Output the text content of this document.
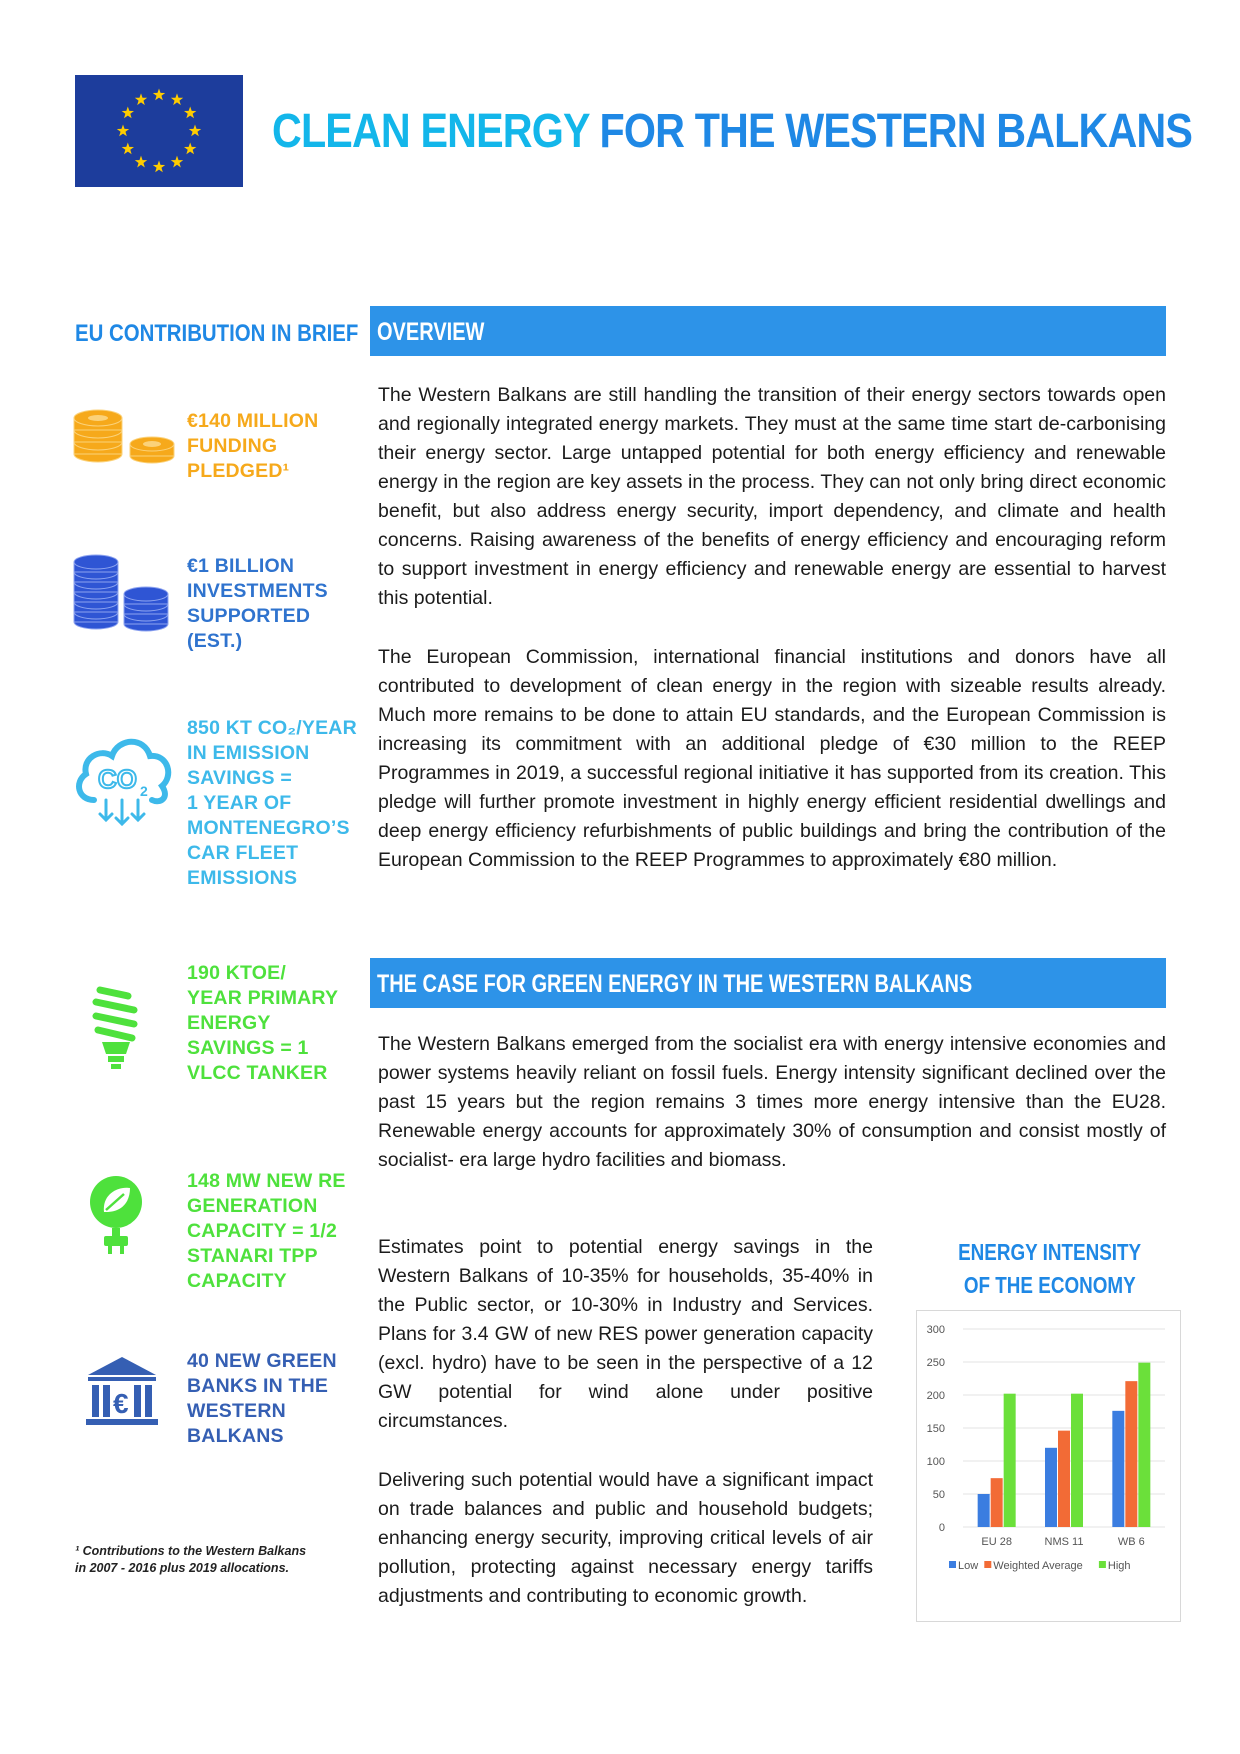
CLEAN ENERGY FOR THE WESTERN BALKANS
EU CONTRIBUTION IN BRIEF

€140 MILLION
FUNDING
PLEDGED¹

€1 BILLION
INVESTMENTS
SUPPORTED
(EST.)

CO 2

850 KT CO₂/YEAR
IN EMISSION
SAVINGS =
1 YEAR OF
MONTENEGRO’S
CAR FLEET
EMISSIONS

190 KTOE/
YEAR PRIMARY
ENERGY
SAVINGS = 1
VLCC TANKER

148 MW NEW RE
GENERATION
CAPACITY = 1/2
STANARI TPP
CAPACITY

€

40 NEW GREEN
BANKS IN THE
WESTERN
BALKANS

¹ Contributions to the Western Balkans
in 2007 - 2016 plus 2019 allocations.

OVERVIEW

The Western Balkans are still handling the transition of their energy sectors towards open and regionally integrated energy markets. They must at the same time start de-carbonising their energy sector. Large untapped potential for both energy efficiency and renewable energy in the region are key assets in the process. They can not only bring direct economic benefit, but also address energy security, import dependency, and climate and health concerns. Raising awareness of the benefits of energy efficiency and encouraging reform to support investment in energy efficiency and renewable energy are essential to harvest this potential.

The European Commission, international financial institutions and donors have all contributed to development of clean energy in the region with sizeable results already. Much more remains to be done to attain EU standards, and the European Commission is increasing its commitment with an additional pledge of €30 million to the REEP Programmes in 2019, a successful regional initiative it has supported from its creation. This pledge will further promote investment in highly energy efficient residential dwellings and deep energy efficiency refurbishments of public buildings and bring the contribution of the European Commission to the REEP Programmes to approximately €80 million.

THE CASE FOR GREEN ENERGY IN THE WESTERN BALKANS

The Western Balkans emerged from the socialist era with energy intensive economies and power systems heavily reliant on fossil fuels. Energy intensity significant declined over the past 15 years but the region remains 3 times more energy intensive than the EU28. Renewable energy accounts for approximately 30% of consumption and consist mostly of socialist- era large hydro facilities and biomass.

Estimates point to potential energy savings in the Western Balkans of 10-35% for households, 35-40% in the Public sector, or 10-30% in Industry and Services. Plans for 3.4 GW of new RES power generation capacity (excl. hydro) have to be seen in the perspective of a 12 GW potential for wind alone under positive circumstances.

Delivering such potential would have a significant impact on trade balances and public and household budgets; enhancing energy security, improving critical levels of air pollution, protecting against necessary energy tariffs adjustments and contributing to economic growth.

ENERGY INTENSITY
OF THE ECONOMY
0
50
100
150
200
250
300
EU 28	NMS 11	WB 6
Low Weighted Average High
